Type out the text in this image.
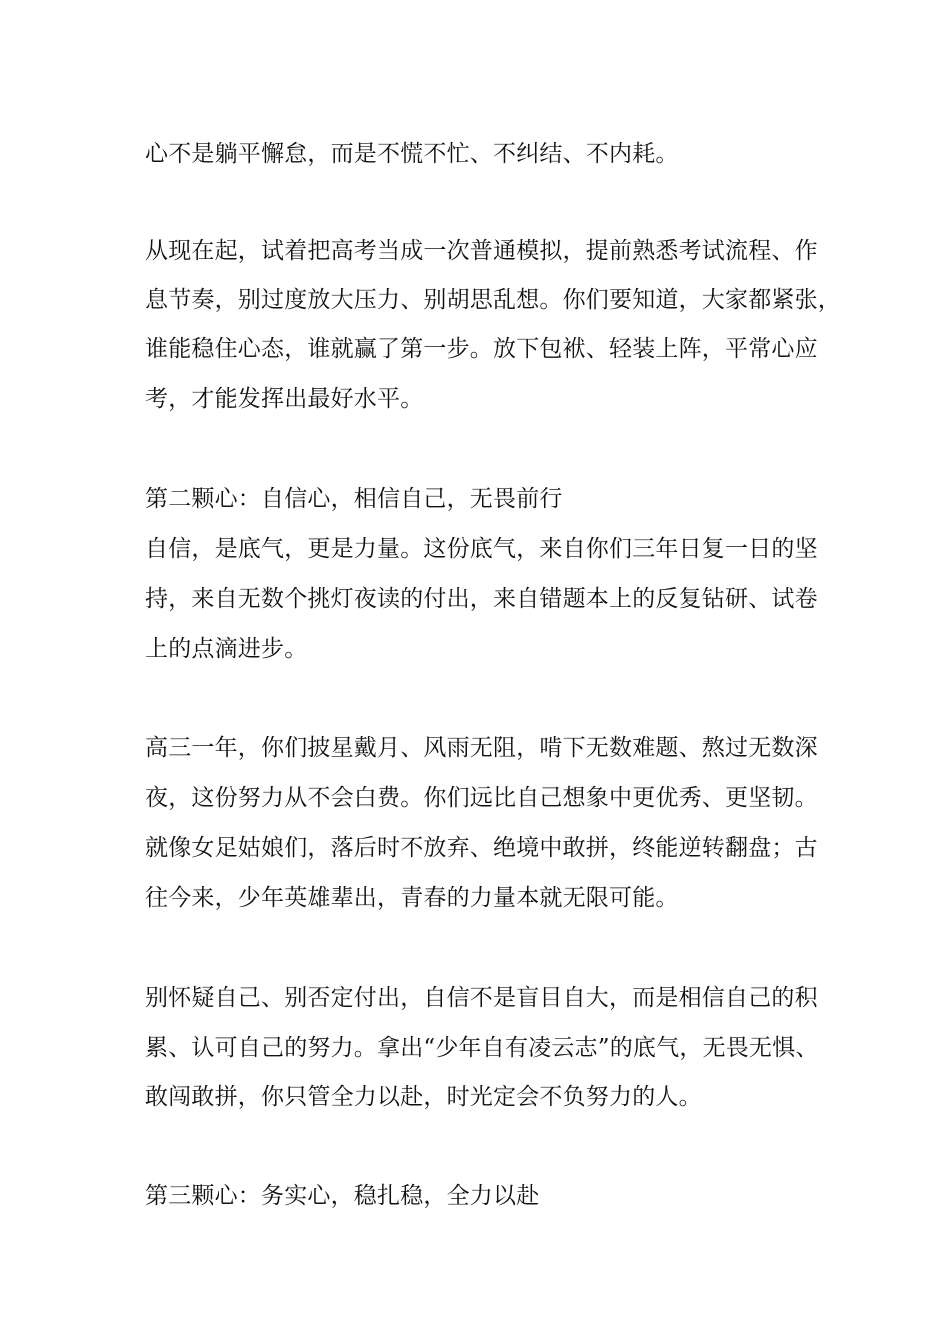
心不是躺平懈怠，而是不慌不忙、不纠结、不内耗。

从现在起，试着把高考当成一次普通模拟，提前熟悉考试流程、作

息节奏，别过度放大压力、别胡思乱想。你们要知道，大家都紧张，

谁能稳住心态，谁就赢了第一步。放下包袱、轻装上阵，平常心应

考，才能发挥出最好水平。

第二颗心：自信心，相信自己，无畏前行

自信，是底气，更是力量。这份底气，来自你们三年日复一日的坚

持，来自无数个挑灯夜读的付出，来自错题本上的反复钻研、试卷

上的点滴进步。

高三一年，你们披星戴月、风雨无阻，啃下无数难题、熬过无数深

夜，这份努力从不会白费。你们远比自己想象中更优秀、更坚韧。

就像女足姑娘们，落后时不放弃、绝境中敢拼，终能逆转翻盘；古

往今来，少年英雄辈出，青春的力量本就无限可能。

别怀疑自己、别否定付出，自信不是盲目自大，而是相信自己的积

累、认可自己的努力。拿出“少年自有凌云志”的底气，无畏无惧、

敢闯敢拼，你只管全力以赴，时光定会不负努力的人。

第三颗心：务实心，稳扎稳，全力以赴
